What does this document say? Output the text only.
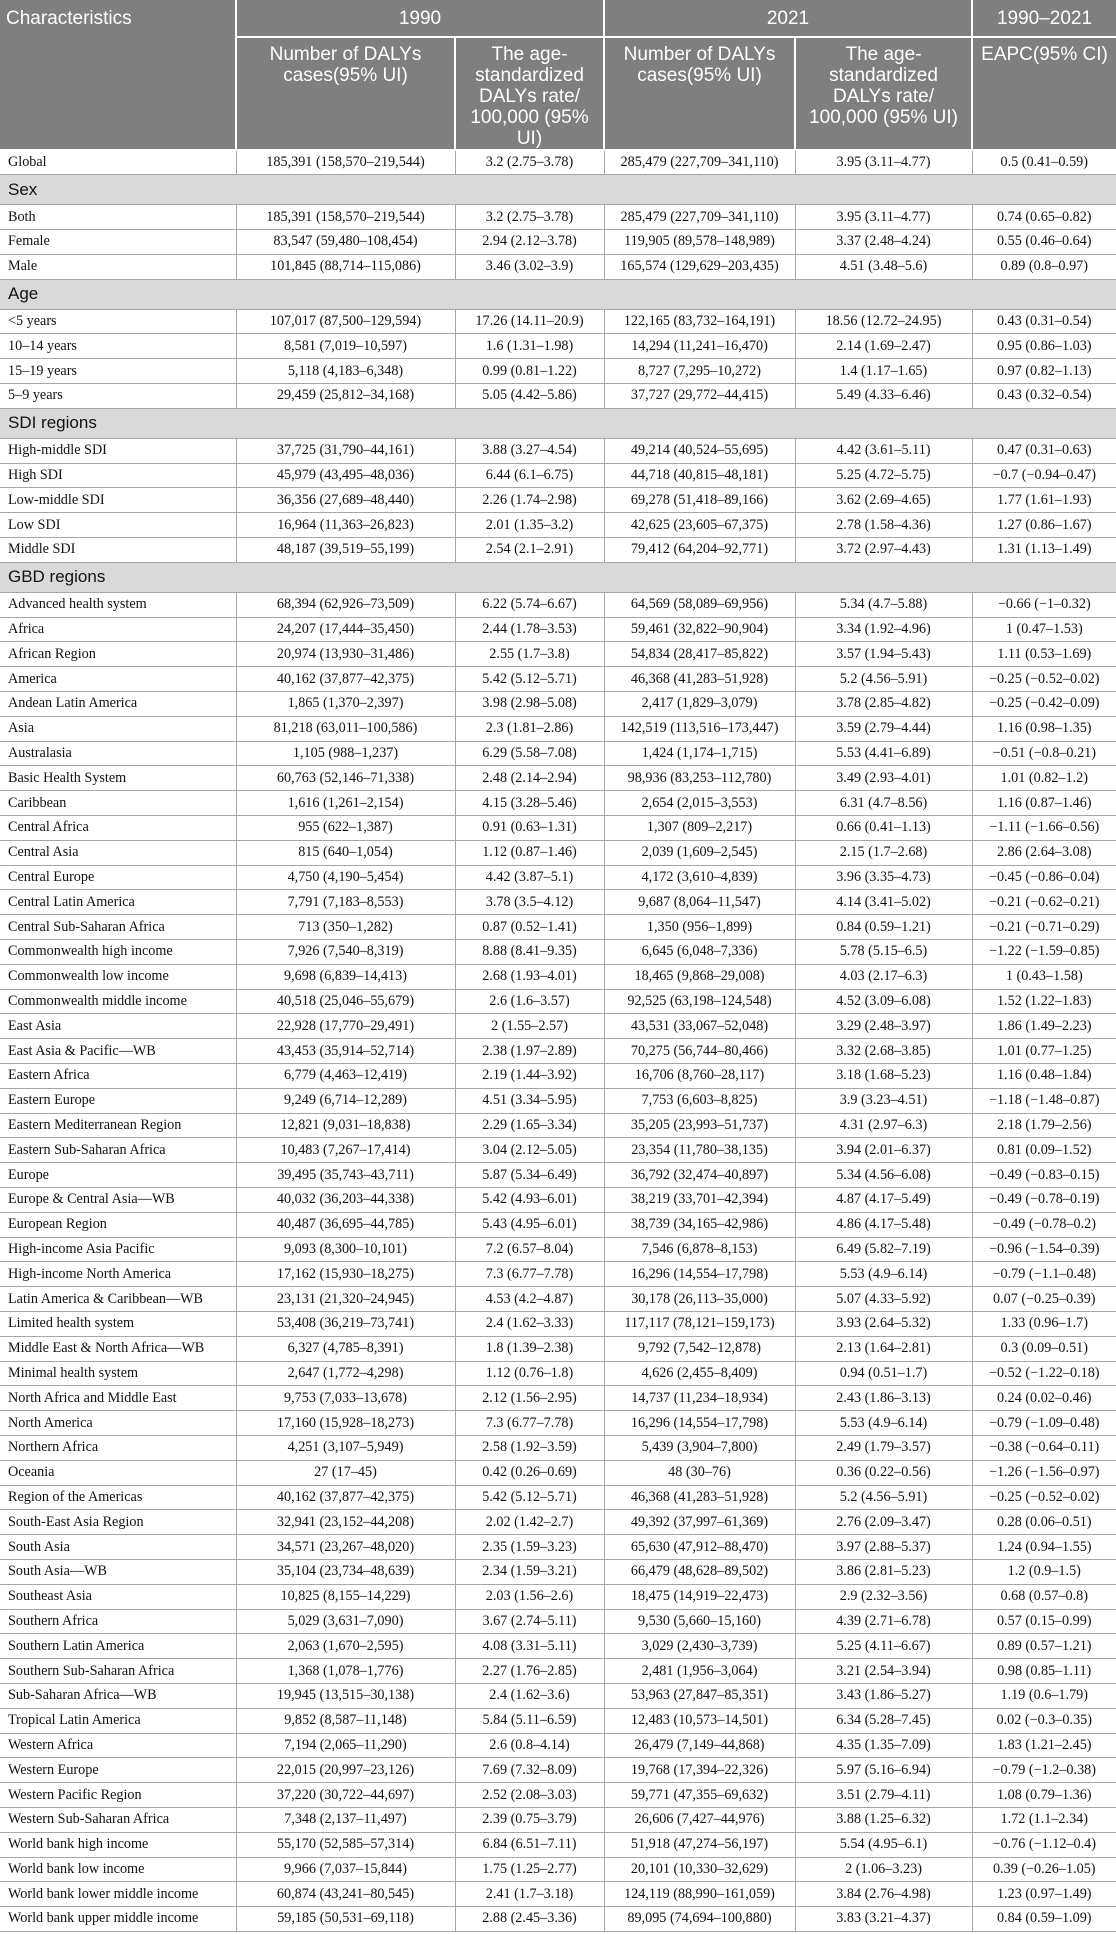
Characteristics	1990		2021		1990–2021
	Number of DALYs cases(95% UI)	The age-standardized DALYs rate/ 100,000 (95% UI)	Number of DALYs cases(95% UI)	The age-standardized DALYs rate/ 100,000 (95% UI)	EAPC(95% CI)
Global	185,391 (158,570–219,544)	3.2 (2.75–3.78)	285,479 (227,709–341,110)	3.95 (3.11–4.77)	0.5 (0.41–0.59)
Sex					
Both	185,391 (158,570–219,544)	3.2 (2.75–3.78)	285,479 (227,709–341,110)	3.95 (3.11–4.77)	0.74 (0.65–0.82)
Female	83,547 (59,480–108,454)	2.94 (2.12–3.78)	119,905 (89,578–148,989)	3.37 (2.48–4.24)	0.55 (0.46–0.64)
Male	101,845 (88,714–115,086)	3.46 (3.02–3.9)	165,574 (129,629–203,435)	4.51 (3.48–5.6)	0.89 (0.8–0.97)
Age					
<5 years	107,017 (87,500–129,594)	17.26 (14.11–20.9)	122,165 (83,732–164,191)	18.56 (12.72–24.95)	0.43 (0.31–0.54)
10–14 years	8,581 (7,019–10,597)	1.6 (1.31–1.98)	14,294 (11,241–16,470)	2.14 (1.69–2.47)	0.95 (0.86–1.03)
15–19 years	5,118 (4,183–6,348)	0.99 (0.81–1.22)	8,727 (7,295–10,272)	1.4 (1.17–1.65)	0.97 (0.82–1.13)
5–9 years	29,459 (25,812–34,168)	5.05 (4.42–5.86)	37,727 (29,772–44,415)	5.49 (4.33–6.46)	0.43 (0.32–0.54)
SDI regions					
High-middle SDI	37,725 (31,790–44,161)	3.88 (3.27–4.54)	49,214 (40,524–55,695)	4.42 (3.61–5.11)	0.47 (0.31–0.63)
High SDI	45,979 (43,495–48,036)	6.44 (6.1–6.75)	44,718 (40,815–48,181)	5.25 (4.72–5.75)	−0.7 (−0.94–0.47)
Low-middle SDI	36,356 (27,689–48,440)	2.26 (1.74–2.98)	69,278 (51,418–89,166)	3.62 (2.69–4.65)	1.77 (1.61–1.93)
Low SDI	16,964 (11,363–26,823)	2.01 (1.35–3.2)	42,625 (23,605–67,375)	2.78 (1.58–4.36)	1.27 (0.86–1.67)
Middle SDI	48,187 (39,519–55,199)	2.54 (2.1–2.91)	79,412 (64,204–92,771)	3.72 (2.97–4.43)	1.31 (1.13–1.49)
GBD regions					
Advanced health system	68,394 (62,926–73,509)	6.22 (5.74–6.67)	64,569 (58,089–69,956)	5.34 (4.7–5.88)	−0.66 (−1–0.32)
Africa	24,207 (17,444–35,450)	2.44 (1.78–3.53)	59,461 (32,822–90,904)	3.34 (1.92–4.96)	1 (0.47–1.53)
African Region	20,974 (13,930–31,486)	2.55 (1.7–3.8)	54,834 (28,417–85,822)	3.57 (1.94–5.43)	1.11 (0.53–1.69)
America	40,162 (37,877–42,375)	5.42 (5.12–5.71)	46,368 (41,283–51,928)	5.2 (4.56–5.91)	−0.25 (−0.52–0.02)
Andean Latin America	1,865 (1,370–2,397)	3.98 (2.98–5.08)	2,417 (1,829–3,079)	3.78 (2.85–4.82)	−0.25 (−0.42–0.09)
Asia	81,218 (63,011–100,586)	2.3 (1.81–2.86)	142,519 (113,516–173,447)	3.59 (2.79–4.44)	1.16 (0.98–1.35)
Australasia	1,105 (988–1,237)	6.29 (5.58–7.08)	1,424 (1,174–1,715)	5.53 (4.41–6.89)	−0.51 (−0.8–0.21)
Basic Health System	60,763 (52,146–71,338)	2.48 (2.14–2.94)	98,936 (83,253–112,780)	3.49 (2.93–4.01)	1.01 (0.82–1.2)
Caribbean	1,616 (1,261–2,154)	4.15 (3.28–5.46)	2,654 (2,015–3,553)	6.31 (4.7–8.56)	1.16 (0.87–1.46)
Central Africa	955 (622–1,387)	0.91 (0.63–1.31)	1,307 (809–2,217)	0.66 (0.41–1.13)	−1.11 (−1.66–0.56)
Central Asia	815 (640–1,054)	1.12 (0.87–1.46)	2,039 (1,609–2,545)	2.15 (1.7–2.68)	2.86 (2.64–3.08)
Central Europe	4,750 (4,190–5,454)	4.42 (3.87–5.1)	4,172 (3,610–4,839)	3.96 (3.35–4.73)	−0.45 (−0.86–0.04)
Central Latin America	7,791 (7,183–8,553)	3.78 (3.5–4.12)	9,687 (8,064–11,547)	4.14 (3.41–5.02)	−0.21 (−0.62–0.21)
Central Sub-Saharan Africa	713 (350–1,282)	0.87 (0.52–1.41)	1,350 (956–1,899)	0.84 (0.59–1.21)	−0.21 (−0.71–0.29)
Commonwealth high income	7,926 (7,540–8,319)	8.88 (8.41–9.35)	6,645 (6,048–7,336)	5.78 (5.15–6.5)	−1.22 (−1.59–0.85)
Commonwealth low income	9,698 (6,839–14,413)	2.68 (1.93–4.01)	18,465 (9,868–29,008)	4.03 (2.17–6.3)	1 (0.43–1.58)
Commonwealth middle income	40,518 (25,046–55,679)	2.6 (1.6–3.57)	92,525 (63,198–124,548)	4.52 (3.09–6.08)	1.52 (1.22–1.83)
East Asia	22,928 (17,770–29,491)	2 (1.55–2.57)	43,531 (33,067–52,048)	3.29 (2.48–3.97)	1.86 (1.49–2.23)
East Asia & Pacific—WB	43,453 (35,914–52,714)	2.38 (1.97–2.89)	70,275 (56,744–80,466)	3.32 (2.68–3.85)	1.01 (0.77–1.25)
Eastern Africa	6,779 (4,463–12,419)	2.19 (1.44–3.92)	16,706 (8,760–28,117)	3.18 (1.68–5.23)	1.16 (0.48–1.84)
Eastern Europe	9,249 (6,714–12,289)	4.51 (3.34–5.95)	7,753 (6,603–8,825)	3.9 (3.23–4.51)	−1.18 (−1.48–0.87)
Eastern Mediterranean Region	12,821 (9,031–18,838)	2.29 (1.65–3.34)	35,205 (23,993–51,737)	4.31 (2.97–6.3)	2.18 (1.79–2.56)
Eastern Sub-Saharan Africa	10,483 (7,267–17,414)	3.04 (2.12–5.05)	23,354 (11,780–38,135)	3.94 (2.01–6.37)	0.81 (0.09–1.52)
Europe	39,495 (35,743–43,711)	5.87 (5.34–6.49)	36,792 (32,474–40,897)	5.34 (4.56–6.08)	−0.49 (−0.83–0.15)
Europe & Central Asia—WB	40,032 (36,203–44,338)	5.42 (4.93–6.01)	38,219 (33,701–42,394)	4.87 (4.17–5.49)	−0.49 (−0.78–0.19)
European Region	40,487 (36,695–44,785)	5.43 (4.95–6.01)	38,739 (34,165–42,986)	4.86 (4.17–5.48)	−0.49 (−0.78–0.2)
High-income Asia Pacific	9,093 (8,300–10,101)	7.2 (6.57–8.04)	7,546 (6,878–8,153)	6.49 (5.82–7.19)	−0.96 (−1.54–0.39)
High-income North America	17,162 (15,930–18,275)	7.3 (6.77–7.78)	16,296 (14,554–17,798)	5.53 (4.9–6.14)	−0.79 (−1.1–0.48)
Latin America & Caribbean—WB	23,131 (21,320–24,945)	4.53 (4.2–4.87)	30,178 (26,113–35,000)	5.07 (4.33–5.92)	0.07 (−0.25–0.39)
Limited health system	53,408 (36,219–73,741)	2.4 (1.62–3.33)	117,117 (78,121–159,173)	3.93 (2.64–5.32)	1.33 (0.96–1.7)
Middle East & North Africa—WB	6,327 (4,785–8,391)	1.8 (1.39–2.38)	9,792 (7,542–12,878)	2.13 (1.64–2.81)	0.3 (0.09–0.51)
Minimal health system	2,647 (1,772–4,298)	1.12 (0.76–1.8)	4,626 (2,455–8,409)	0.94 (0.51–1.7)	−0.52 (−1.22–0.18)
North Africa and Middle East	9,753 (7,033–13,678)	2.12 (1.56–2.95)	14,737 (11,234–18,934)	2.43 (1.86–3.13)	0.24 (0.02–0.46)
North America	17,160 (15,928–18,273)	7.3 (6.77–7.78)	16,296 (14,554–17,798)	5.53 (4.9–6.14)	−0.79 (−1.09–0.48)
Northern Africa	4,251 (3,107–5,949)	2.58 (1.92–3.59)	5,439 (3,904–7,800)	2.49 (1.79–3.57)	−0.38 (−0.64–0.11)
Oceania	27 (17–45)	0.42 (0.26–0.69)	48 (30–76)	0.36 (0.22–0.56)	−1.26 (−1.56–0.97)
Region of the Americas	40,162 (37,877–42,375)	5.42 (5.12–5.71)	46,368 (41,283–51,928)	5.2 (4.56–5.91)	−0.25 (−0.52–0.02)
South-East Asia Region	32,941 (23,152–44,208)	2.02 (1.42–2.7)	49,392 (37,997–61,369)	2.76 (2.09–3.47)	0.28 (0.06–0.51)
South Asia	34,571 (23,267–48,020)	2.35 (1.59–3.23)	65,630 (47,912–88,470)	3.97 (2.88–5.37)	1.24 (0.94–1.55)
South Asia—WB	35,104 (23,734–48,639)	2.34 (1.59–3.21)	66,479 (48,628–89,502)	3.86 (2.81–5.23)	1.2 (0.9–1.5)
Southeast Asia	10,825 (8,155–14,229)	2.03 (1.56–2.6)	18,475 (14,919–22,473)	2.9 (2.32–3.56)	0.68 (0.57–0.8)
Southern Africa	5,029 (3,631–7,090)	3.67 (2.74–5.11)	9,530 (5,660–15,160)	4.39 (2.71–6.78)	0.57 (0.15–0.99)
Southern Latin America	2,063 (1,670–2,595)	4.08 (3.31–5.11)	3,029 (2,430–3,739)	5.25 (4.11–6.67)	0.89 (0.57–1.21)
Southern Sub-Saharan Africa	1,368 (1,078–1,776)	2.27 (1.76–2.85)	2,481 (1,956–3,064)	3.21 (2.54–3.94)	0.98 (0.85–1.11)
Sub-Saharan Africa—WB	19,945 (13,515–30,138)	2.4 (1.62–3.6)	53,963 (27,847–85,351)	3.43 (1.86–5.27)	1.19 (0.6–1.79)
Tropical Latin America	9,852 (8,587–11,148)	5.84 (5.11–6.59)	12,483 (10,573–14,501)	6.34 (5.28–7.45)	0.02 (−0.3–0.35)
Western Africa	7,194 (2,065–11,290)	2.6 (0.8–4.14)	26,479 (7,149–44,868)	4.35 (1.35–7.09)	1.83 (1.21–2.45)
Western Europe	22,015 (20,997–23,126)	7.69 (7.32–8.09)	19,768 (17,394–22,326)	5.97 (5.16–6.94)	−0.79 (−1.2–0.38)
Western Pacific Region	37,220 (30,722–44,697)	2.52 (2.08–3.03)	59,771 (47,355–69,632)	3.51 (2.79–4.11)	1.08 (0.79–1.36)
Western Sub-Saharan Africa	7,348 (2,137–11,497)	2.39 (0.75–3.79)	26,606 (7,427–44,976)	3.88 (1.25–6.32)	1.72 (1.1–2.34)
World bank high income	55,170 (52,585–57,314)	6.84 (6.51–7.11)	51,918 (47,274–56,197)	5.54 (4.95–6.1)	−0.76 (−1.12–0.4)
World bank low income	9,966 (7,037–15,844)	1.75 (1.25–2.77)	20,101 (10,330–32,629)	2 (1.06–3.23)	0.39 (−0.26–1.05)
World bank lower middle income	60,874 (43,241–80,545)	2.41 (1.7–3.18)	124,119 (88,990–161,059)	3.84 (2.76–4.98)	1.23 (0.97–1.49)
World bank upper middle income	59,185 (50,531–69,118)	2.88 (2.45–3.36)	89,095 (74,694–100,880)	3.83 (3.21–4.37)	0.84 (0.59–1.09)
